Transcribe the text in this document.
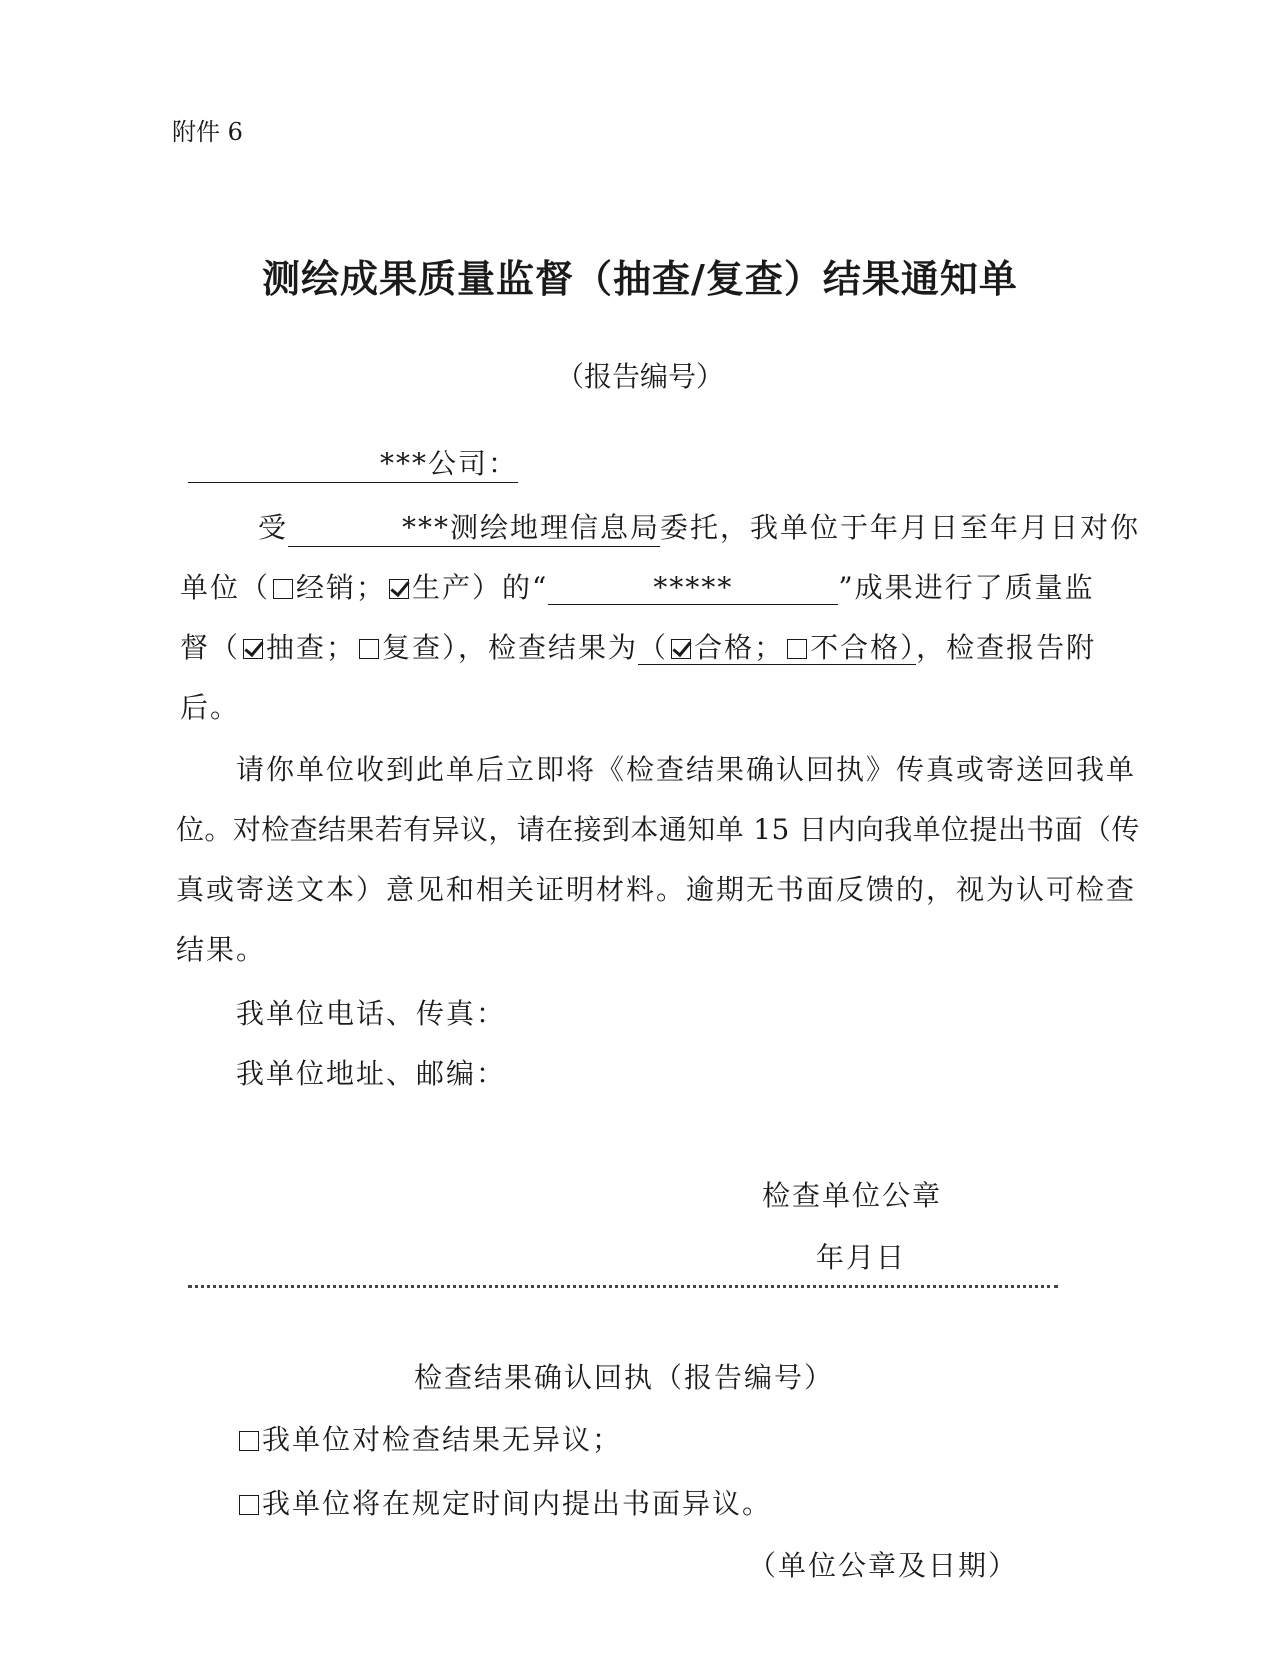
附件 6
测绘成果质量监督（抽查/复查）结果通知单
（报告编号）
***公司：
受	***测绘地理信息局委托，我单位于年月日至年月日对你
单位（ 经销； 生产）的“	*****	”成果进行了质量监
督（ 抽查； 复查），检查结果为（ 合格； 不合格），检查报告附
后。
请你单位收到此单后立即将《检查结果确认回执》传真或寄送回我单
位。对检查结果若有异议，请在接到本通知单 15 日内向我单位提出书面（传
真或寄送文本）意见和相关证明材料。逾期无书面反馈的，视为认可检查
结果。
我单位电话、传真：
我单位地址、邮编：
检查单位公章
年月日
检查结果确认回执（报告编号）
我单位对检查结果无异议；
我单位将在规定时间内提出书面异议。
（单位公章及日期）
